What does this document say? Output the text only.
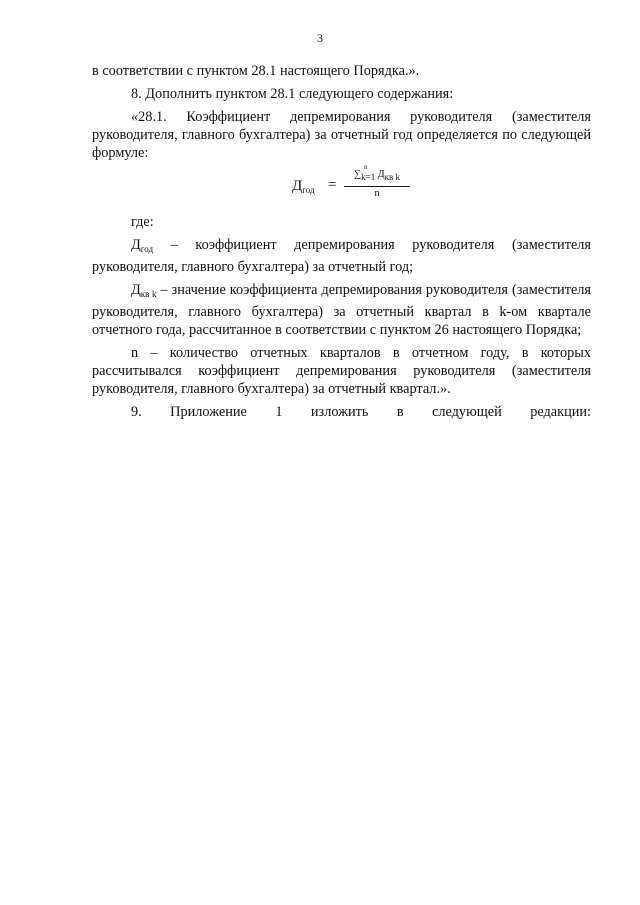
3

в соответствии с пунктом 28.1 настоящего Порядка.».

8. Дополнить пунктом 28.1 следующего содержания:

«28.1. Коэффициент депремирования руководителя (заместителя руководителя, главного бухгалтера) за отчетный год определяется по следующей формуле:

$Д_{год}$ =
∑
n
k=1 Дкв k
n

где:

$Д_{год}$ – коэффициент депремирования руководителя (заместителя руководителя, главного бухгалтера) за отчетный год;

$Д_{кв k}$ – значение коэффициента депремирования руководителя (заместителя руководителя, главного бухгалтера) за отчетный квартал в k-ом квартале отчетного года, рассчитанное в соответствии с пунктом 26 настоящего Порядка;

n – количество отчетных кварталов в отчетном году, в которых рассчитывался коэффициент депремирования руководителя (заместителя руководителя, главного бухгалтера) за отчетный квартал.».

9. Приложение 1 изложить в следующей редакции:
